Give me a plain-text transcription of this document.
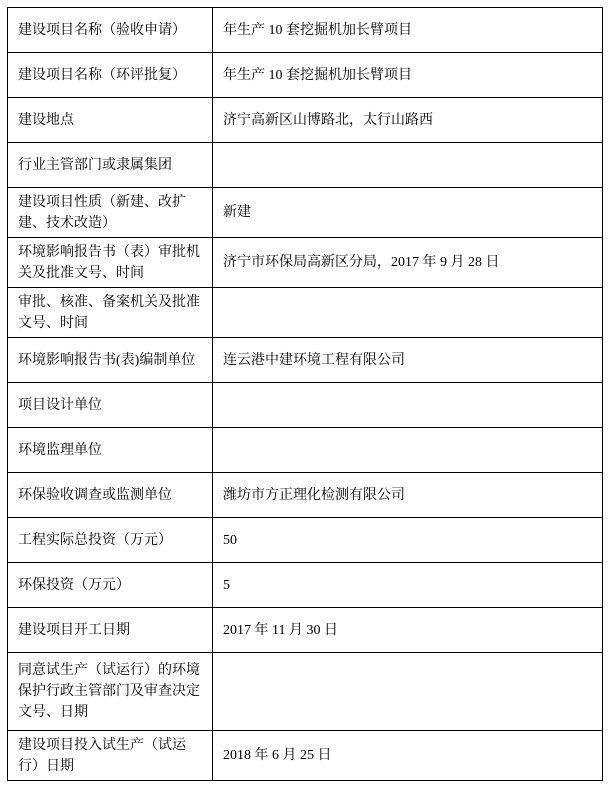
建设项目名称（验收申请）	年生产 10 套挖掘机加长臂项目
建设项目名称（环评批复）	年生产 10 套挖掘机加长臂项目
建设地点	济宁高新区山博路北，太行山路西
行业主管部门或隶属集团	
建设项目性质（新建、改扩建、技术改造）	新建
环境影响报告书（表）审批机关及批准文号、时间	济宁市环保局高新区分局，2017 年 9 月 28 日
审批、核准、备案机关及批准文号、时间	
环境影响报告书(表)编制单位	连云港中建环境工程有限公司
项目设计单位	
环境监理单位	
环保验收调查或监测单位	潍坊市方正理化检测有限公司
工程实际总投资（万元）	50
环保投资（万元）	5
建设项目开工日期	2017 年 11 月 30 日
同意试生产（试运行）的环境保护行政主管部门及审查决定文号、日期	
建设项目投入试生产（试运行）日期	2018 年 6 月 25 日
